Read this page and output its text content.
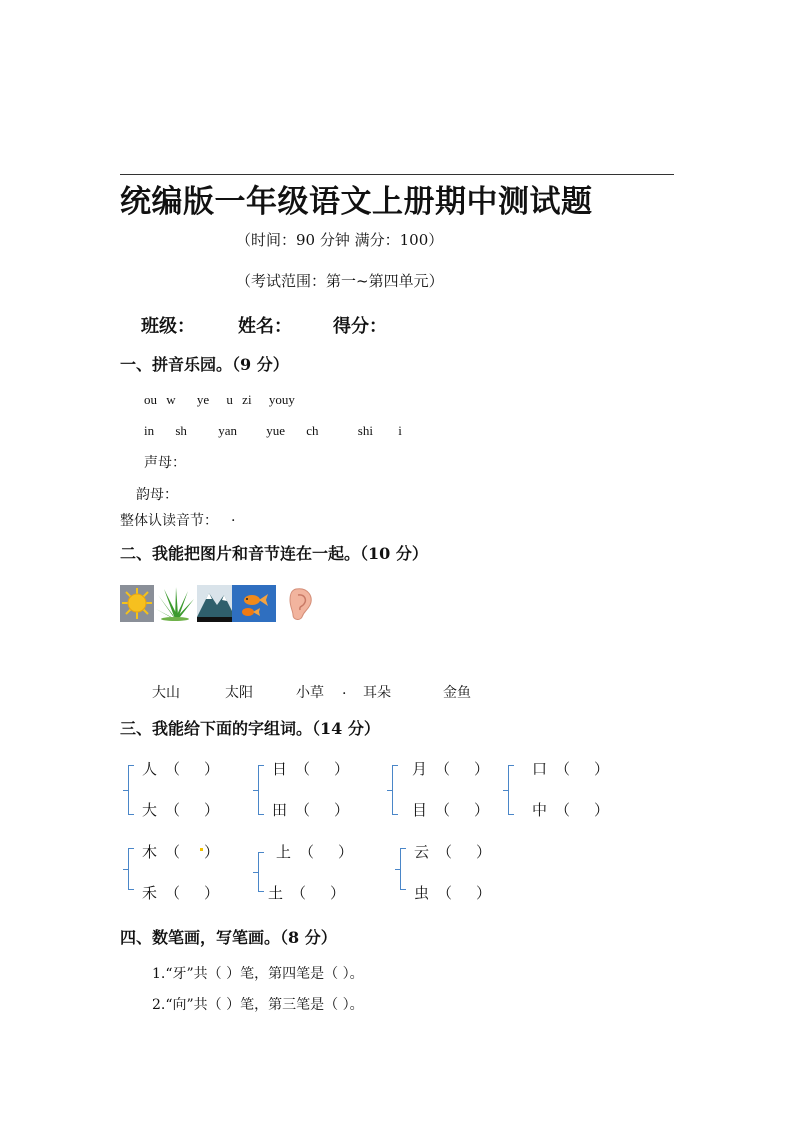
统编版一年级语文上册期中测试题
（时间：90 分钟 满分：100）
（考试范围：第一~第四单元）
班级： 姓名： 得分：
一、拼音乐园。（9 分）
ou w ye u zi youy
in sh yan yue ch	shi i
声母：
韵母：
整体认读音节： .
二、我能把图片和音节连在一起。（10 分）
大山	太阳	小草 . 耳朵	金鱼
三、我能给下面的字组词。（14 分）
人 （ ）
大 （ ）
日 （ ）
田 （ ）
月 （ ）
目 （ ）
口 （ ）
中 （ ）
木 （ ）
禾 （ ）
上 （ ）
土 （ ）
云 （ ）
虫 （ ）
四、数笔画，写笔画。（8 分）
1.“牙”共（ ）笔，第四笔是（ ）。
2.“向”共（ ）笔，第三笔是（ ）。
